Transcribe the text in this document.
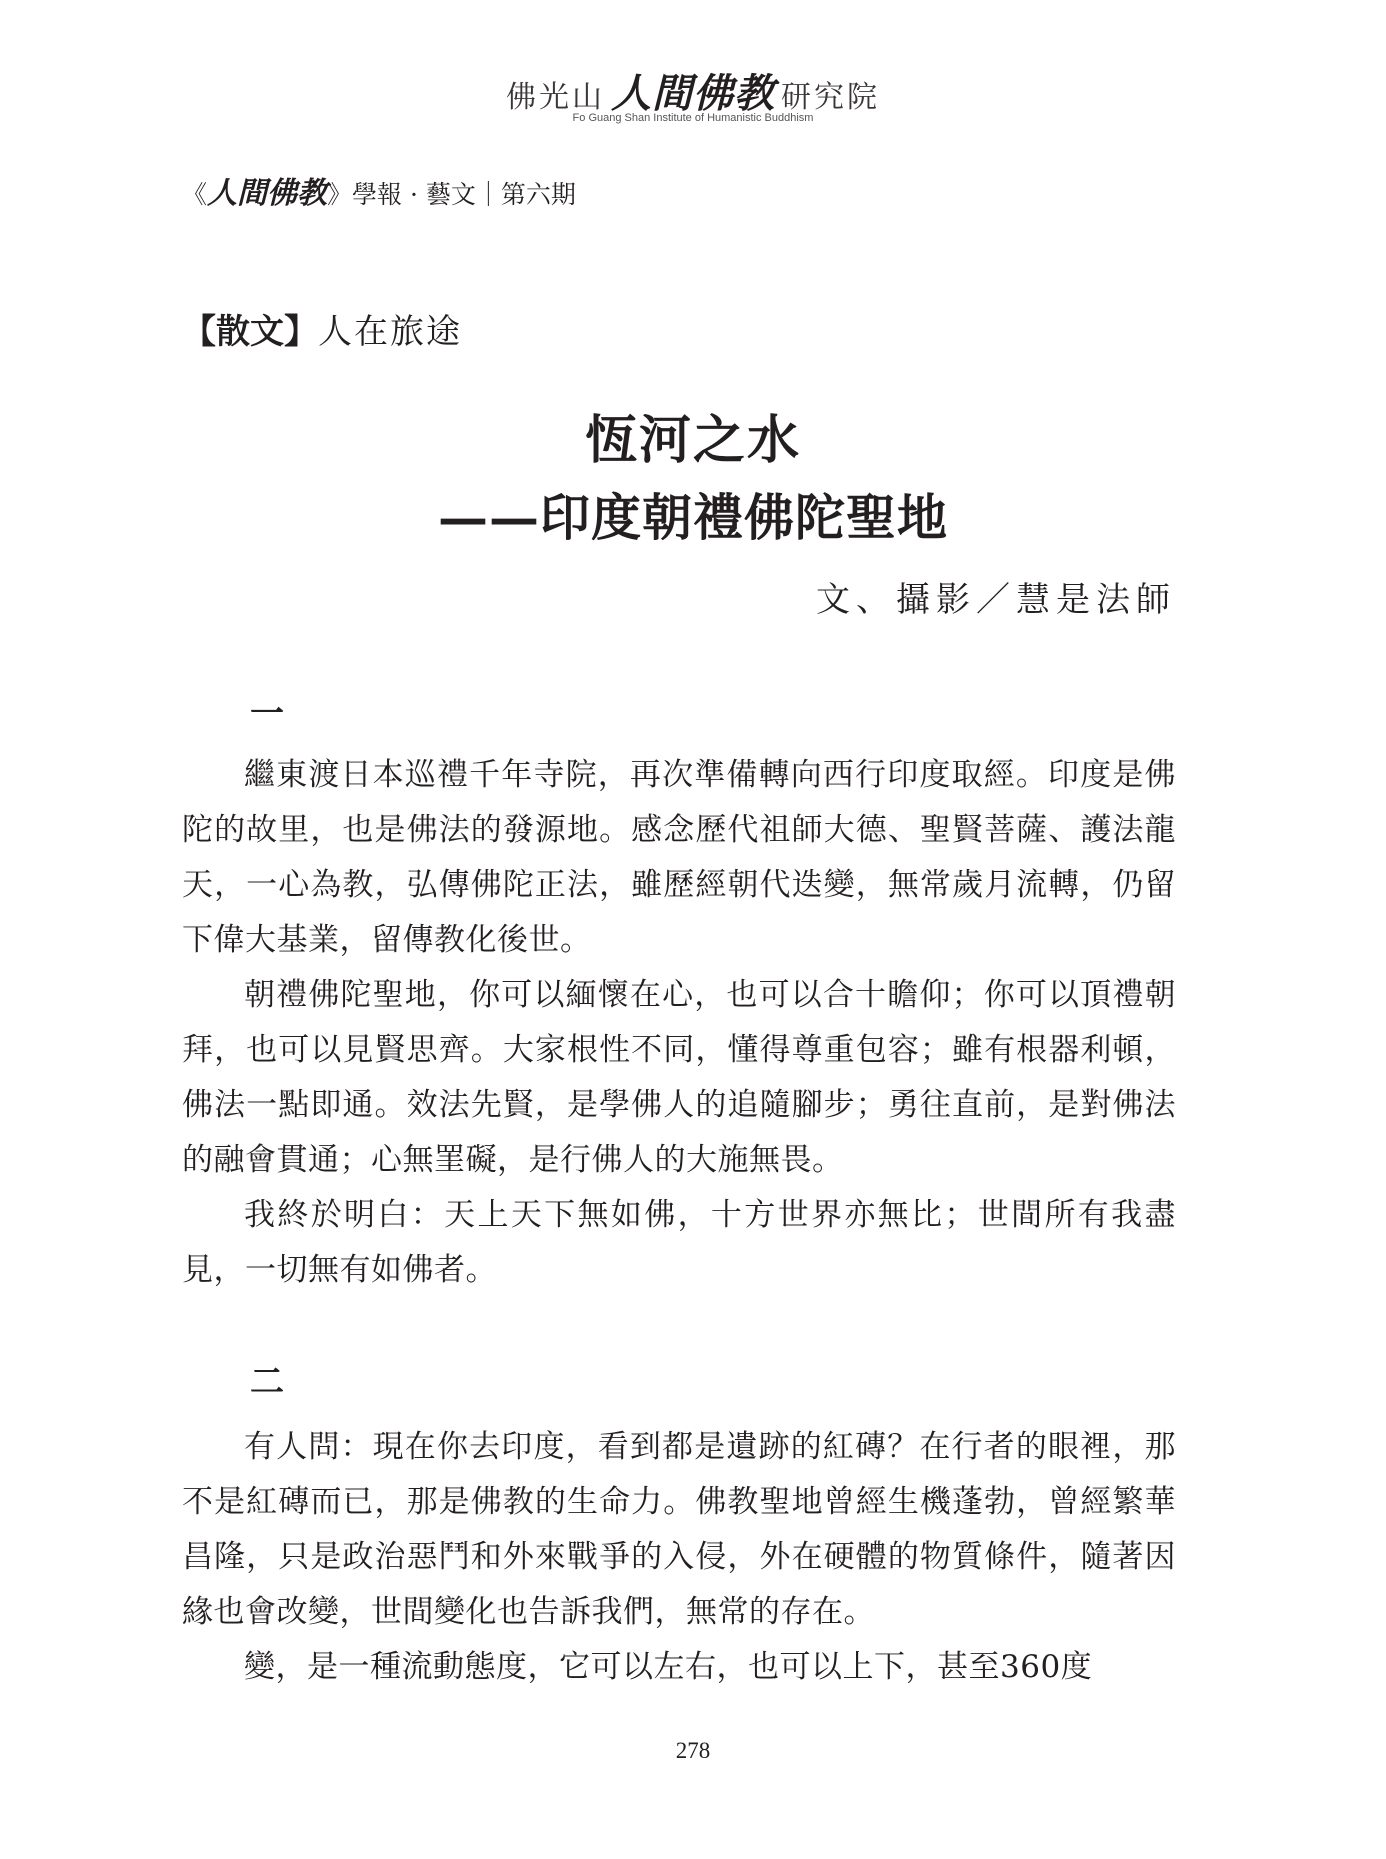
佛光山 人間佛教 研究院
Fo Guang Shan Institute of Humanistic Buddhism
《人間佛教》學報 · 藝文｜第六期
【散文】人在旅途
恆河之水
——印度朝禮佛陀聖地
文、攝影／慧是法師
一

繼東渡日本巡禮千年寺院，再次準備轉向西行印度取經。印度是佛陀的故里，也是佛法的發源地。感念歷代祖師大德、聖賢菩薩、護法龍天，一心為教，弘傳佛陀正法，雖歷經朝代迭變，無常歲月流轉，仍留下偉大基業，留傳教化後世。

朝禮佛陀聖地，你可以緬懷在心，也可以合十瞻仰；你可以頂禮朝拜，也可以見賢思齊。大家根性不同，懂得尊重包容；雖有根器利頓，佛法一點即通。效法先賢，是學佛人的追隨腳步；勇往直前，是對佛法的融會貫通；心無罣礙，是行佛人的大施無畏。

我終於明白：天上天下無如佛，十方世界亦無比；世間所有我盡見，一切無有如佛者。

二

有人問：現在你去印度，看到都是遺跡的紅磚？在行者的眼裡，那不是紅磚而已，那是佛教的生命力。佛教聖地曾經生機蓬勃，曾經繁華昌隆，只是政治惡鬥和外來戰爭的入侵，外在硬體的物質條件，隨著因緣也會改變，世間變化也告訴我們，無常的存在。

變，是一種流動態度，它可以左右，也可以上下，甚至360度

278
